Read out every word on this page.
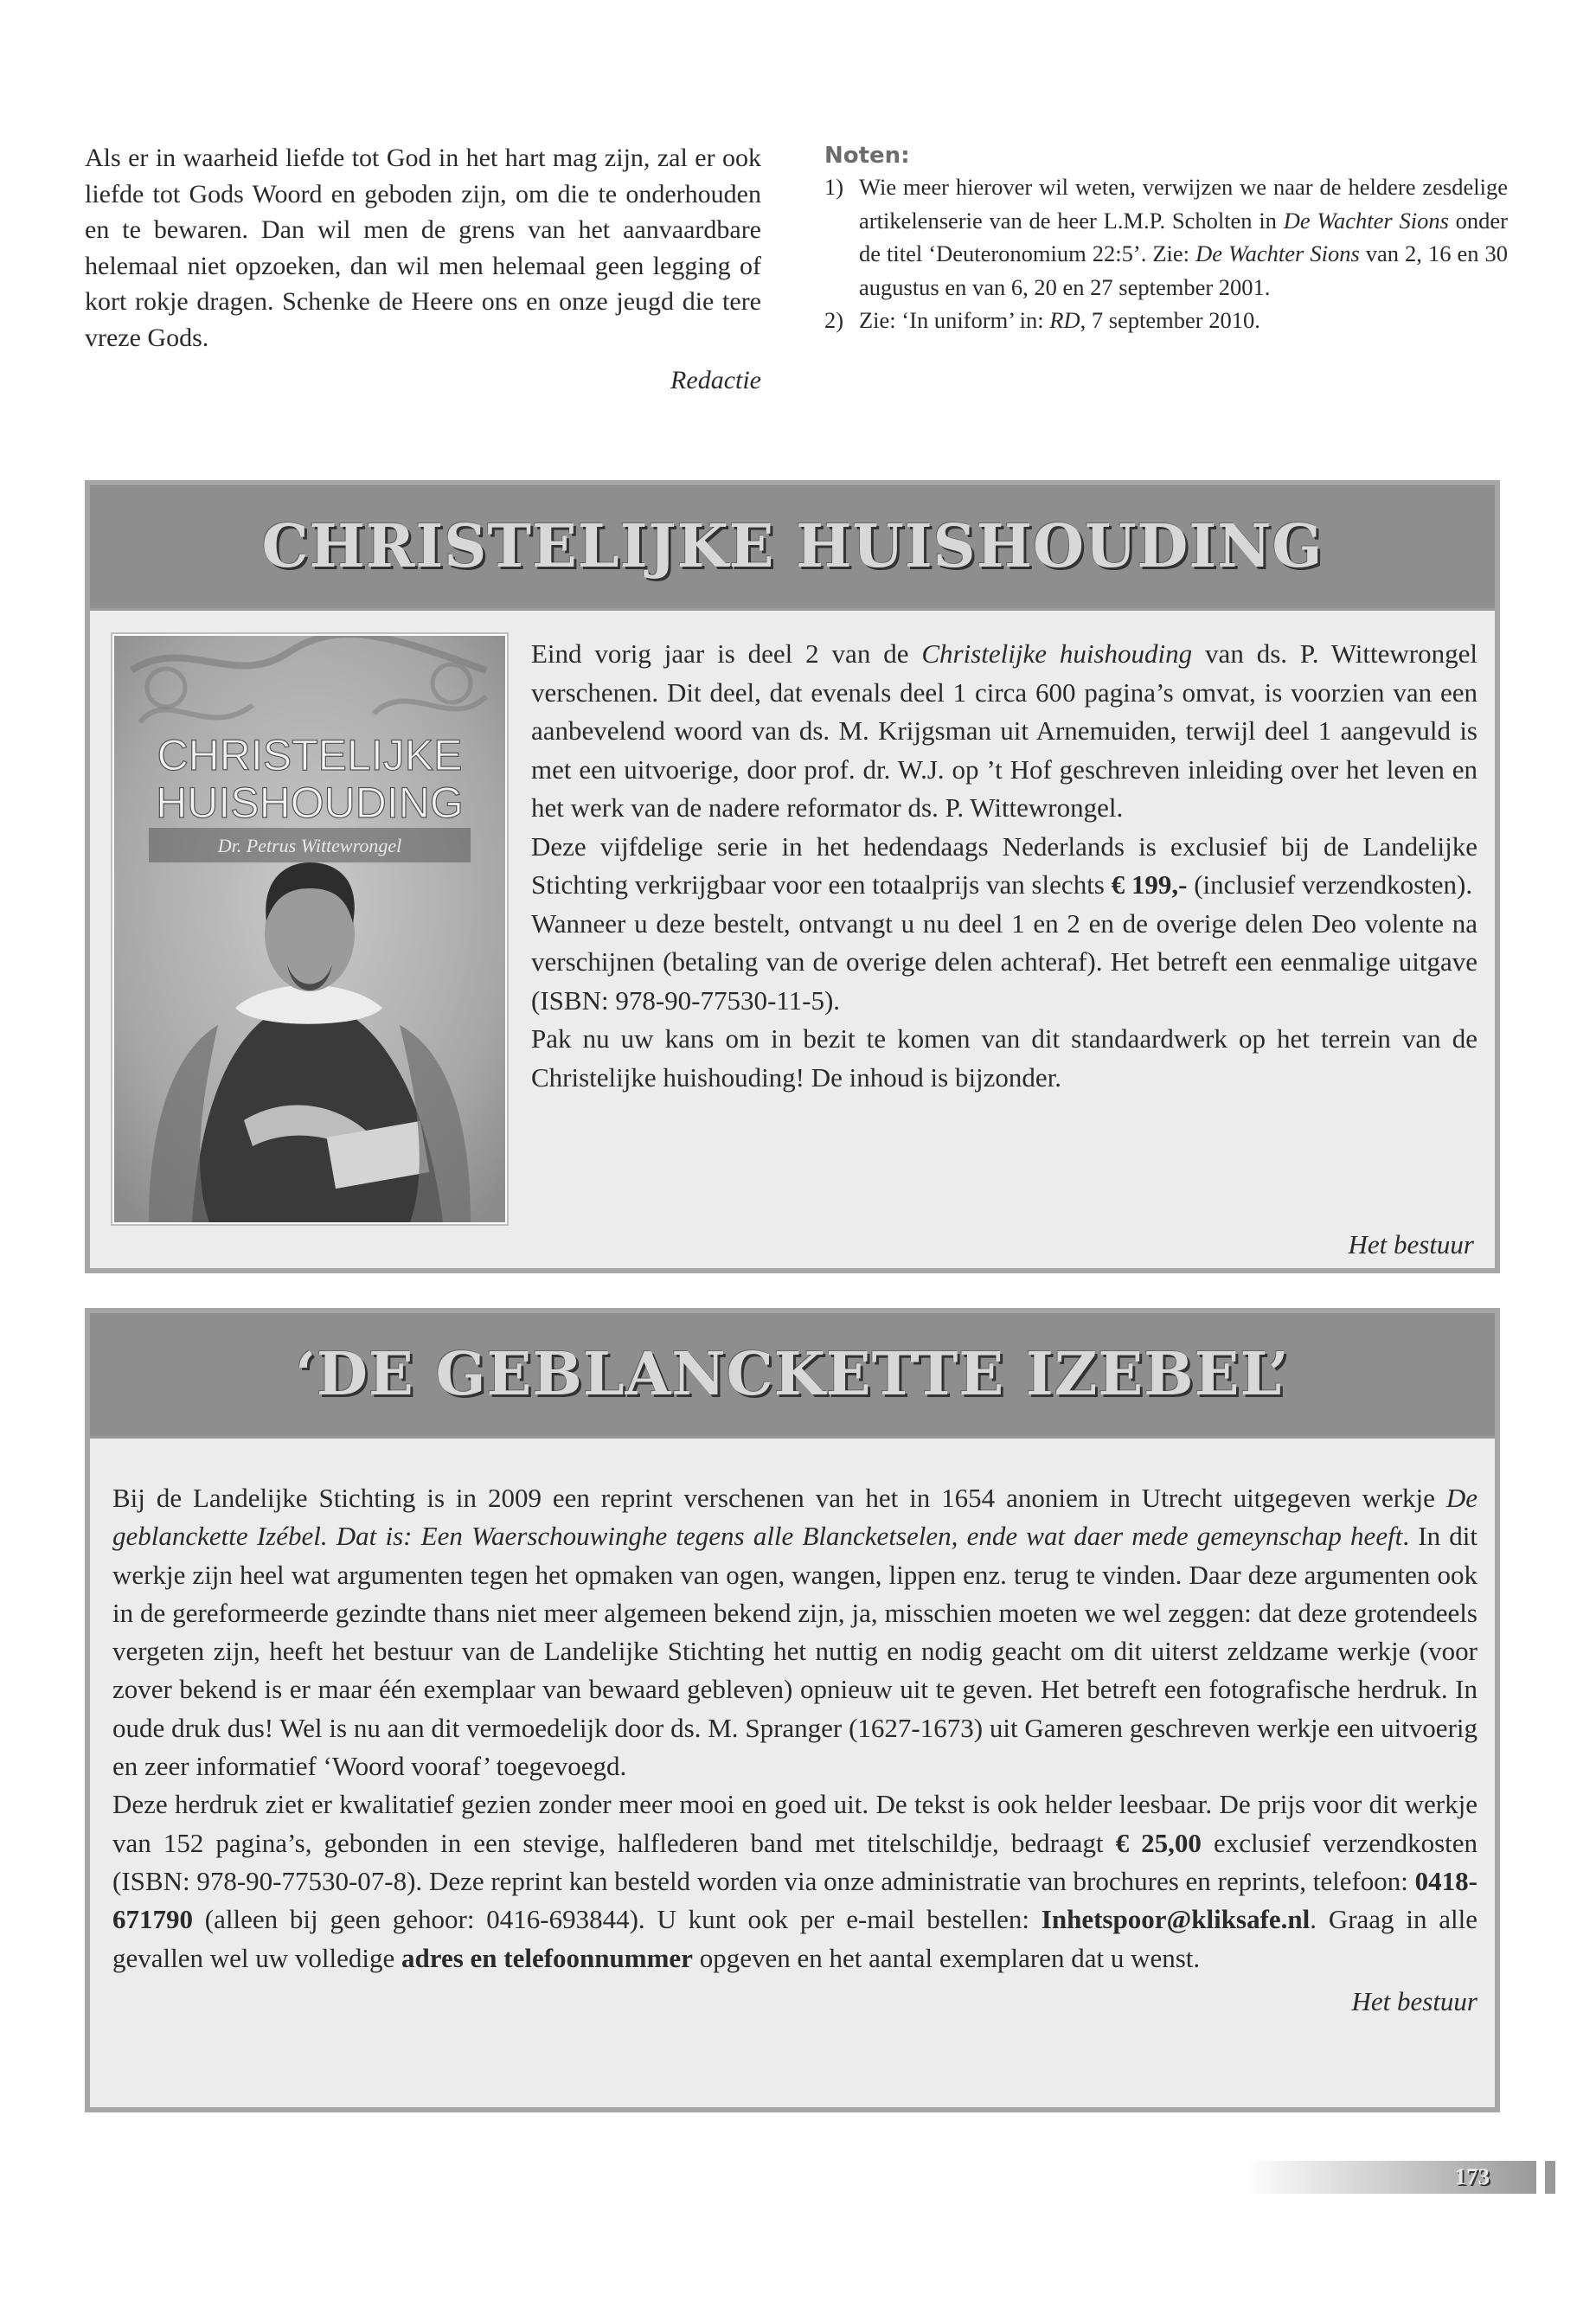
Als er in waarheid liefde tot God in het hart mag zijn, zal er ook liefde tot Gods Woord en geboden zijn, om die te onderhouden en te bewaren. Dan wil men de grens van het aanvaardbare helemaal niet opzoeken, dan wil men helemaal geen legging of kort rokje dragen. Schenke de Heere ons en onze jeugd die tere vreze Gods.

Redactie

Noten:
1) Wie meer hierover wil weten, verwijzen we naar de heldere zesdelige artikelenserie van de heer L.M.P. Scholten in De Wachter Sions onder de titel ‘Deuteronomium 22:5’. Zie: De Wachter Sions van 2, 16 en 30 augustus en van 6, 20 en 27 september 2001.
2) Zie: ‘In uniform’ in: RD, 7 september 2010.
CHRISTELIJKE HUISHOUDING
CHRISTELIJKE
HUISHOUDING
Dr. Petrus Wittewrongel

Eind vorig jaar is deel 2 van de Christelijke huishouding van ds. P. Wittewrongel verschenen. Dit deel, dat evenals deel 1 circa 600 pagina’s omvat, is voorzien van een aanbevelend woord van ds. M. Krijgsman uit Arnemuiden, terwijl deel 1 aangevuld is met een uitvoerige, door prof. dr. W.J. op ’t Hof geschreven inleiding over het leven en het werk van de nadere reformator ds. P. Wittewrongel.

Deze vijfdelige serie in het hedendaags Nederlands is exclusief bij de Landelijke Stichting verkrijgbaar voor een totaalprijs van slechts € 199,- (inclusief verzendkosten).

Wanneer u deze bestelt, ontvangt u nu deel 1 en 2 en de overige delen Deo volente na verschijnen (betaling van de overige delen achteraf). Het betreft een eenmalige uitgave (ISBN: 978-90-77530-11-5).

Pak nu uw kans om in bezit te komen van dit standaardwerk op het terrein van de Christelijke huishouding! De inhoud is bijzonder.

Het bestuur
‘DE GEBLANCKETTE IZEBEL’

Bij de Landelijke Stichting is in 2009 een reprint verschenen van het in 1654 anoniem in Utrecht uitgegeven werkje De geblanckette Izébel. Dat is: Een Waerschouwinghe tegens alle Blancketselen, ende wat daer mede gemeynschap heeft. In dit werkje zijn heel wat argumenten tegen het opmaken van ogen, wangen, lippen enz. terug te vinden. Daar deze argumenten ook in de gereformeerde gezindte thans niet meer algemeen bekend zijn, ja, misschien moeten we wel zeggen: dat deze grotendeels vergeten zijn, heeft het bestuur van de Landelijke Stichting het nuttig en nodig geacht om dit uiterst zeldzame werkje (voor zover bekend is er maar één exemplaar van bewaard gebleven) opnieuw uit te geven. Het betreft een fotografische herdruk. In oude druk dus! Wel is nu aan dit vermoedelijk door ds. M. Spranger (1627-1673) uit Gameren geschreven werkje een uitvoerig en zeer informatief ‘Woord vooraf’ toegevoegd.

Deze herdruk ziet er kwalitatief gezien zonder meer mooi en goed uit. De tekst is ook helder leesbaar. De prijs voor dit werkje van 152 pagina’s, gebonden in een stevige, halflederen band met titelschildje, bedraagt € 25,00 exclusief verzendkosten (ISBN: 978-90-77530-07-8). Deze reprint kan besteld worden via onze administratie van brochures en reprints, telefoon: 0418-671790 (alleen bij geen gehoor: 0416-693844). U kunt ook per e-mail bestellen: Inhetspoor@kliksafe.nl. Graag in alle gevallen wel uw volledige adres en telefoonnummer opgeven en het aantal exemplaren dat u wenst.

Het bestuur

173
